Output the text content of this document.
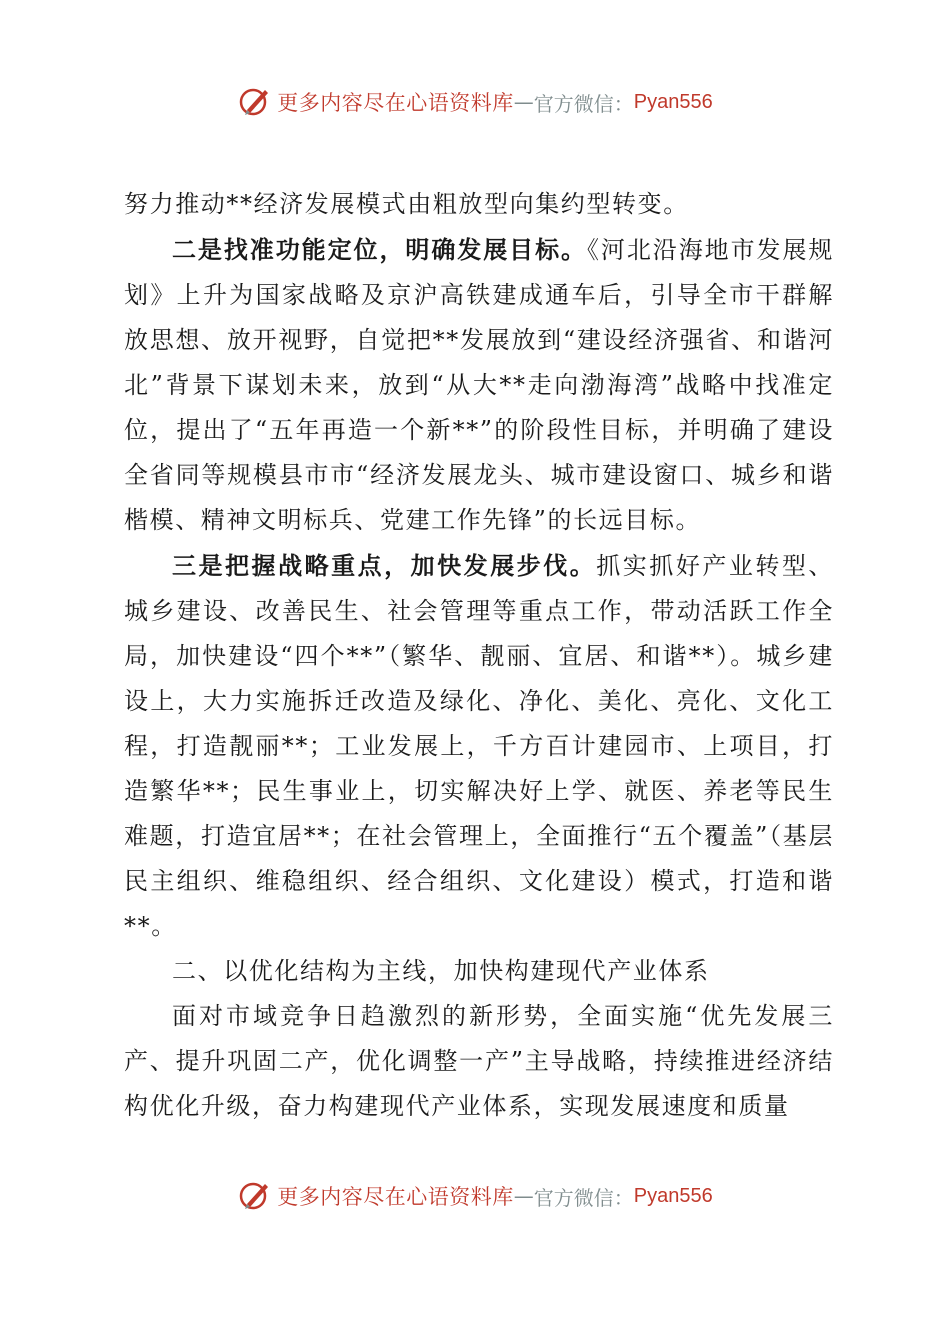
更多内容尽在心语资料库 — 官方微信： Pyan556

努力推动**经济发展模式由粗放型向集约型转变。

二是找准功能定位，明确发展目标。《河北沿海地市发展规划》上升为国家战略及京沪高铁建成通车后，引导全市干群解放思想、放开视野，自觉把**发展放到“建设经济强省、和谐河北”背景下谋划未来，放到“从大**走向渤海湾”战略中找准定位，提出了“五年再造一个新**”的阶段性目标，并明确了建设全省同等规模县市市“经济发展龙头、城市建设窗口、城乡和谐楷模、精神文明标兵、党建工作先锋”的长远目标。

三是把握战略重点，加快发展步伐。抓实抓好产业转型、城乡建设、改善民生、社会管理等重点工作，带动活跃工作全局，加快建设“四个**”（繁华、靓丽、宜居、和谐**）。城乡建设上，大力实施拆迁改造及绿化、净化、美化、亮化、文化工程，打造靓丽**；工业发展上，千方百计建园市、上项目，打造繁华**；民生事业上，切实解决好上学、就医、养老等民生难题，打造宜居**；在社会管理上，全面推行“五个覆盖”（基层民主组织、维稳组织、经合组织、文化建设）模式，打造和谐**。

二、以优化结构为主线，加快构建现代产业体系

面对市域竞争日趋激烈的新形势，全面实施“优先发展三产、提升巩固二产，优化调整一产”主导战略，持续推进经济结构优化升级，奋力构建现代产业体系，实现发展速度和质量

更多内容尽在心语资料库 — 官方微信： Pyan556
